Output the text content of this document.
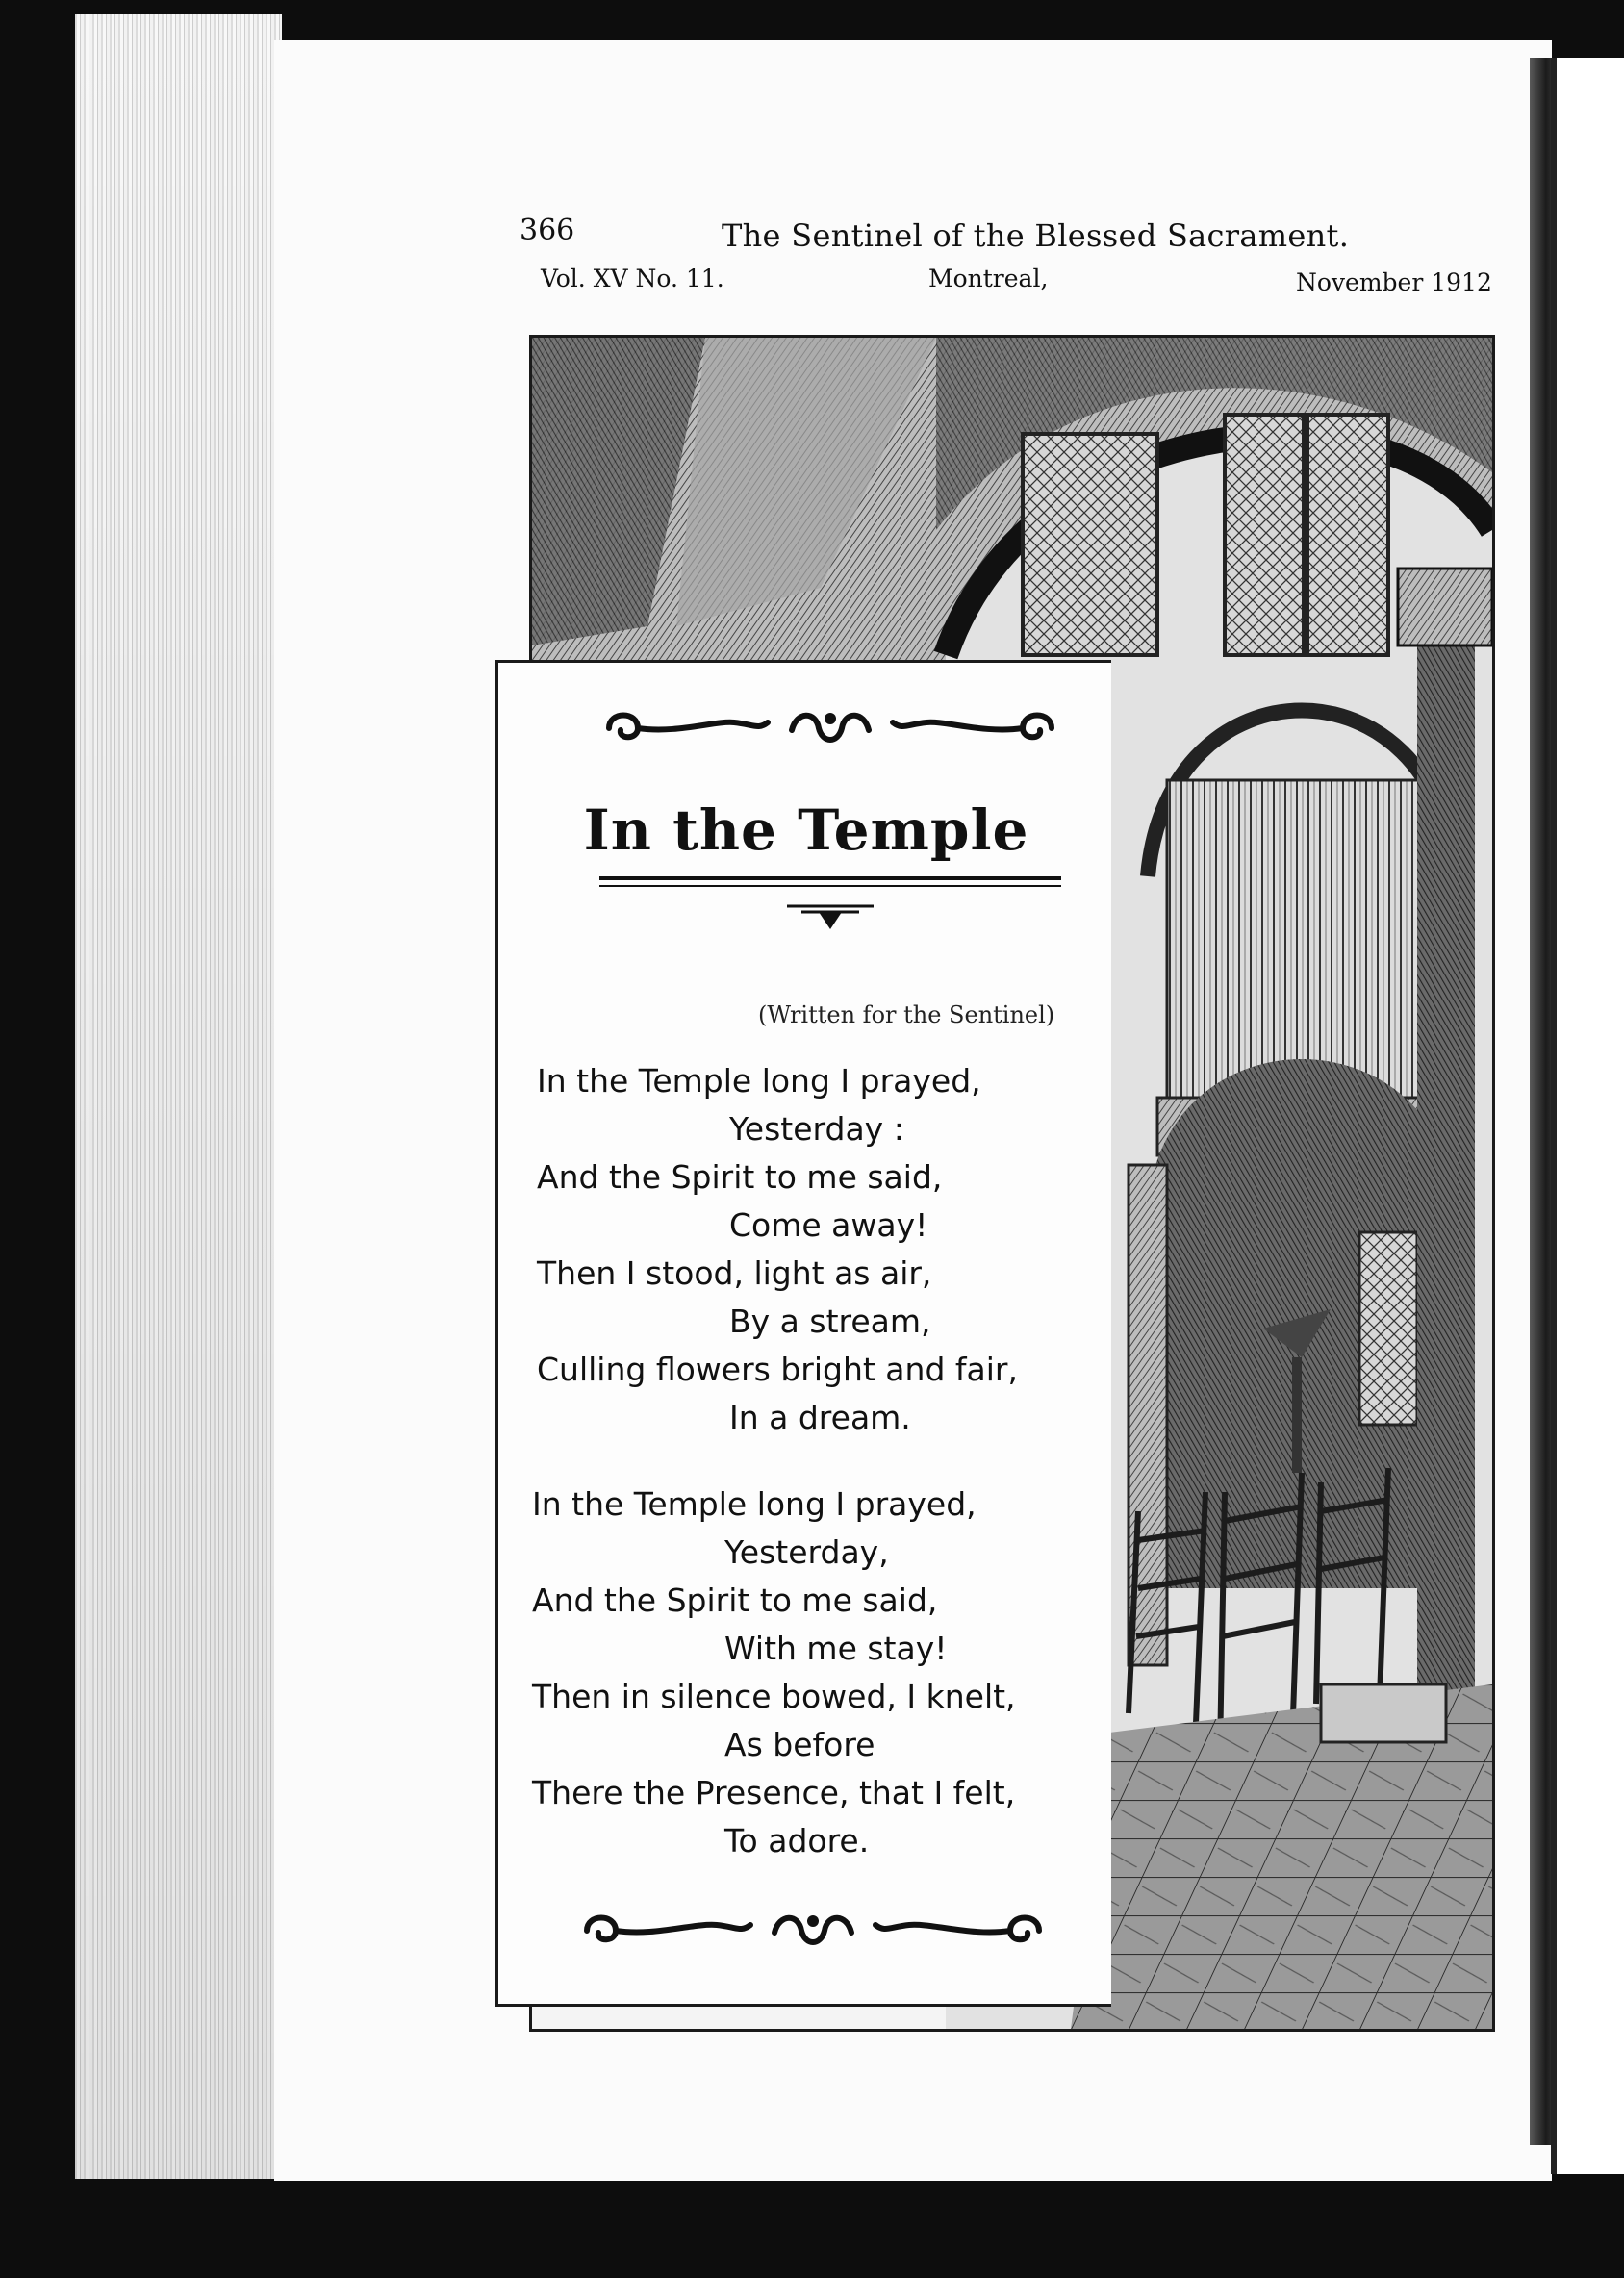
366	The Sentinel of the Blessed Sacrament.
Vol. XV No. 11.	Montreal,	November 1912
In the Temple
(Written for the Sentinel)
In the Temple long I prayed,
Yesterday :
And the Spirit to me said,
Come away!
Then I stood, light as air,
By a stream,
Culling flowers bright and fair,
In a dream.
In the Temple long I prayed,
Yesterday,
And the Spirit to me said,
With me stay!
Then in silence bowed, I knelt,
As before
There the Presence, that I felt,
To adore.
